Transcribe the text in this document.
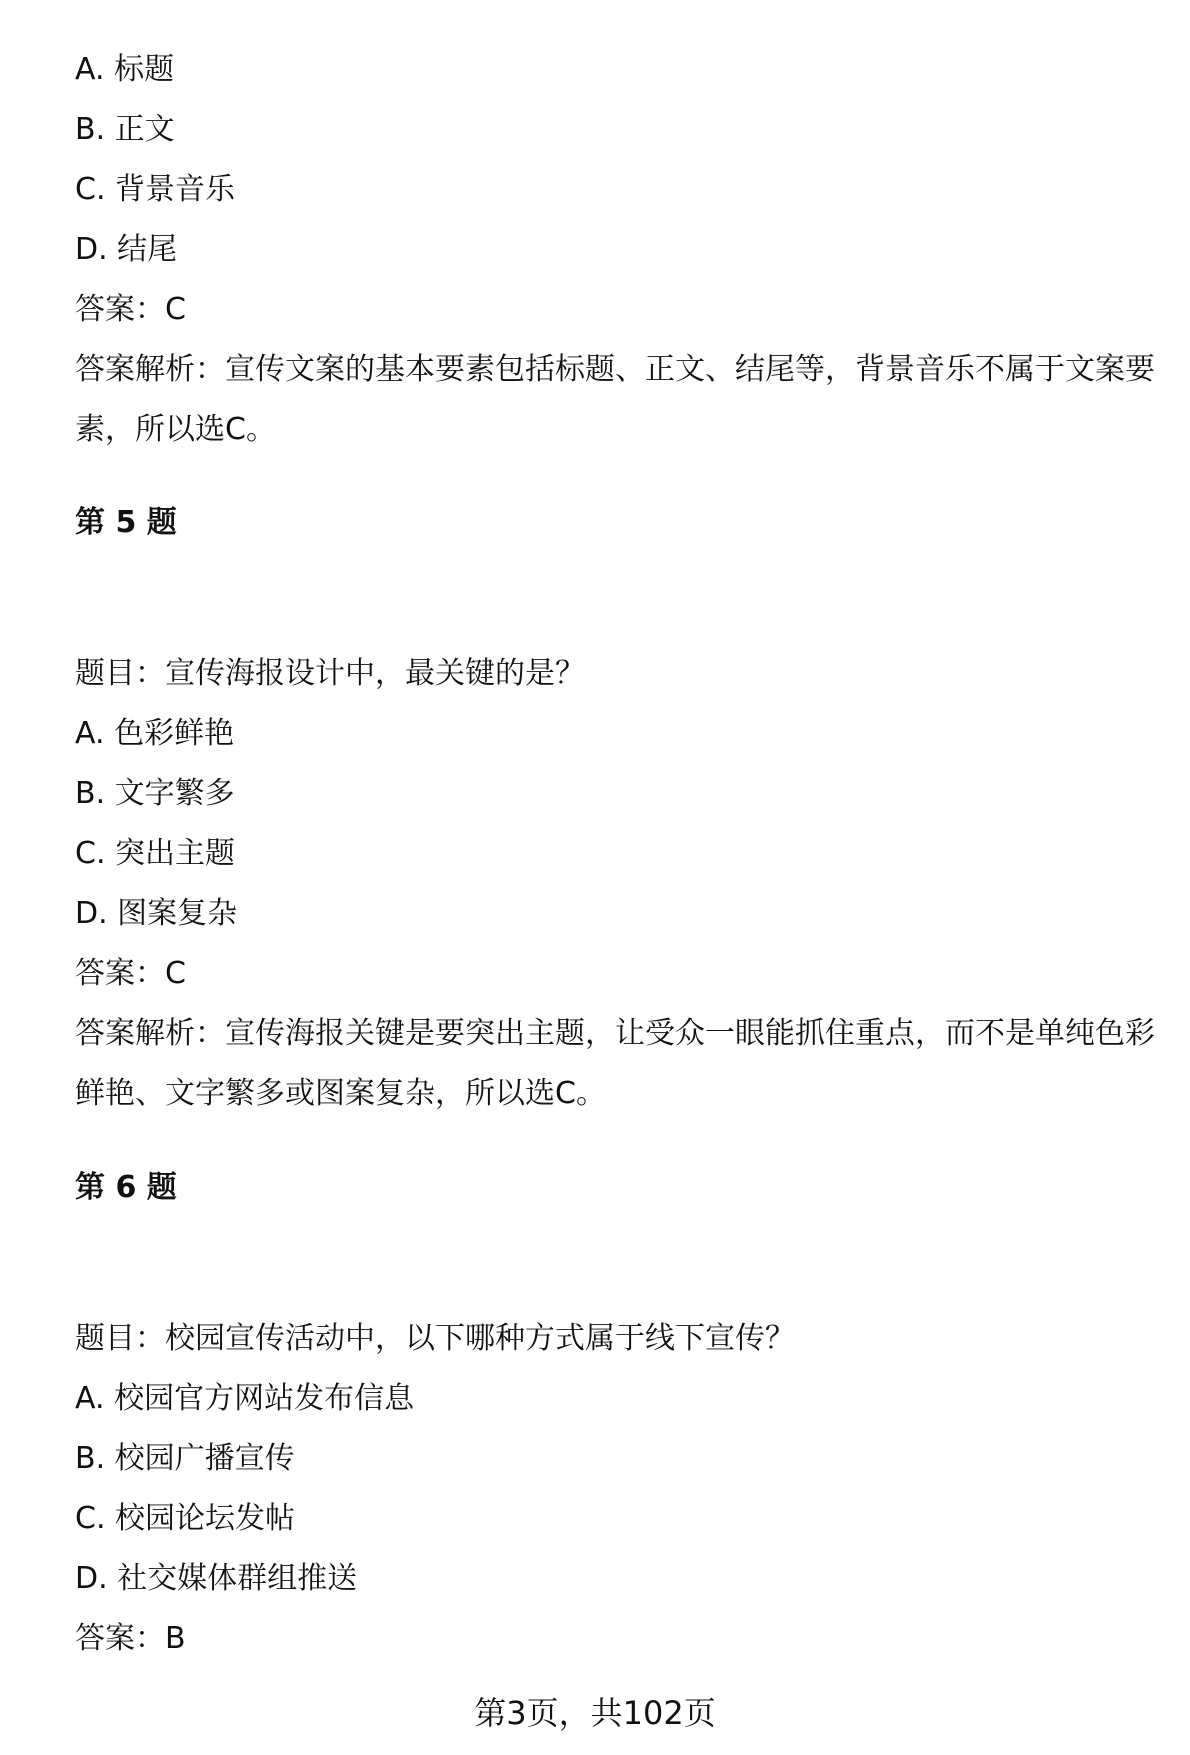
A. 标题
B. 正文
C. 背景音乐
D. 结尾
答案：C
答案解析：宣传文案的基本要素包括标题、正文、结尾等，背景音乐不属于文案要
素，所以选C。
第 5 题
题目：宣传海报设计中，最关键的是？
A. 色彩鲜艳
B. 文字繁多
C. 突出主题
D. 图案复杂
答案：C
答案解析：宣传海报关键是要突出主题，让受众一眼能抓住重点，而不是单纯色彩
鲜艳、文字繁多或图案复杂，所以选C。
第 6 题
题目：校园宣传活动中，以下哪种方式属于线下宣传？
A. 校园官方网站发布信息
B. 校园广播宣传
C. 校园论坛发帖
D. 社交媒体群组推送
答案：B
第3页，共102页
